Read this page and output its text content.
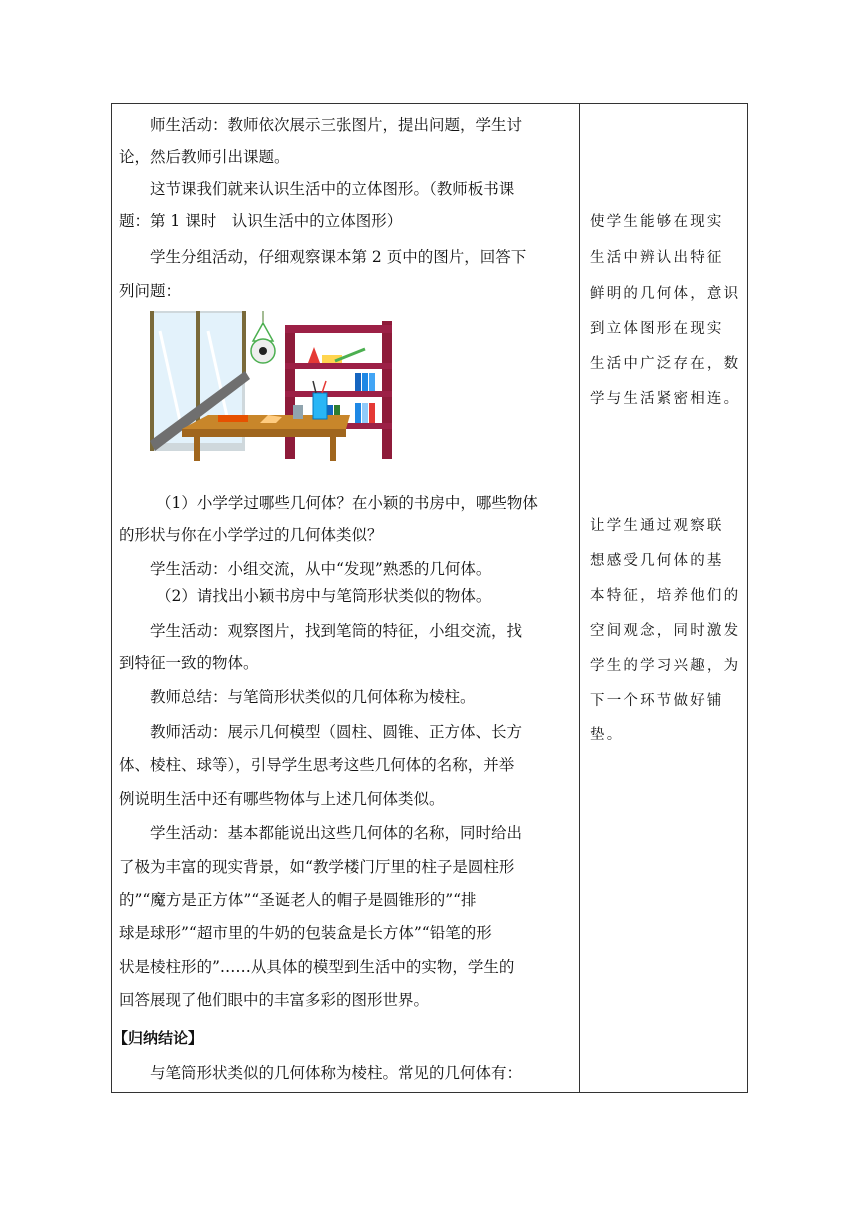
师生活动：教师依次展示三张图片，提出问题，学生讨
论，然后教师引出课题。
这节课我们就来认识生活中的立体图形。（教师板书课
题：第 1 课时　认识生活中的立体图形）
学生分组活动，仔细观察课本第 2 页中的图片，回答下
列问题：
（1）小学学过哪些几何体？在小颖的书房中，哪些物体
的形状与你在小学学过的几何体类似？
学生活动：小组交流，从中“发现”熟悉的几何体。
（2）请找出小颖书房中与笔筒形状类似的物体。
学生活动：观察图片，找到笔筒的特征，小组交流，找
到特征一致的物体。
教师总结：与笔筒形状类似的几何体称为棱柱。
教师活动：展示几何模型（圆柱、圆锥、正方体、长方
体、棱柱、球等），引导学生思考这些几何体的名称，并举
例说明生活中还有哪些物体与上述几何体类似。
学生活动：基本都能说出这些几何体的名称，同时给出
了极为丰富的现实背景，如“教学楼门厅里的柱子是圆柱形
的”“魔方是正方体”“圣诞老人的帽子是圆锥形的”“排
球是球形”“超市里的牛奶的包装盒是长方体”“铅笔的形
状是棱柱形的”……从具体的模型到生活中的实物，学生的
回答展现了他们眼中的丰富多彩的图形世界。
【归纳结论】
与笔筒形状类似的几何体称为棱柱。常见的几何体有：
使学生能够在现实
生活中辨认出特征
鲜明的几何体，意识
到立体图形在现实
生活中广泛存在，数
学与生活紧密相连。
让学生通过观察联
想感受几何体的基
本特征，培养他们的
空间观念，同时激发
学生的学习兴趣，为
下一个环节做好铺
垫。
